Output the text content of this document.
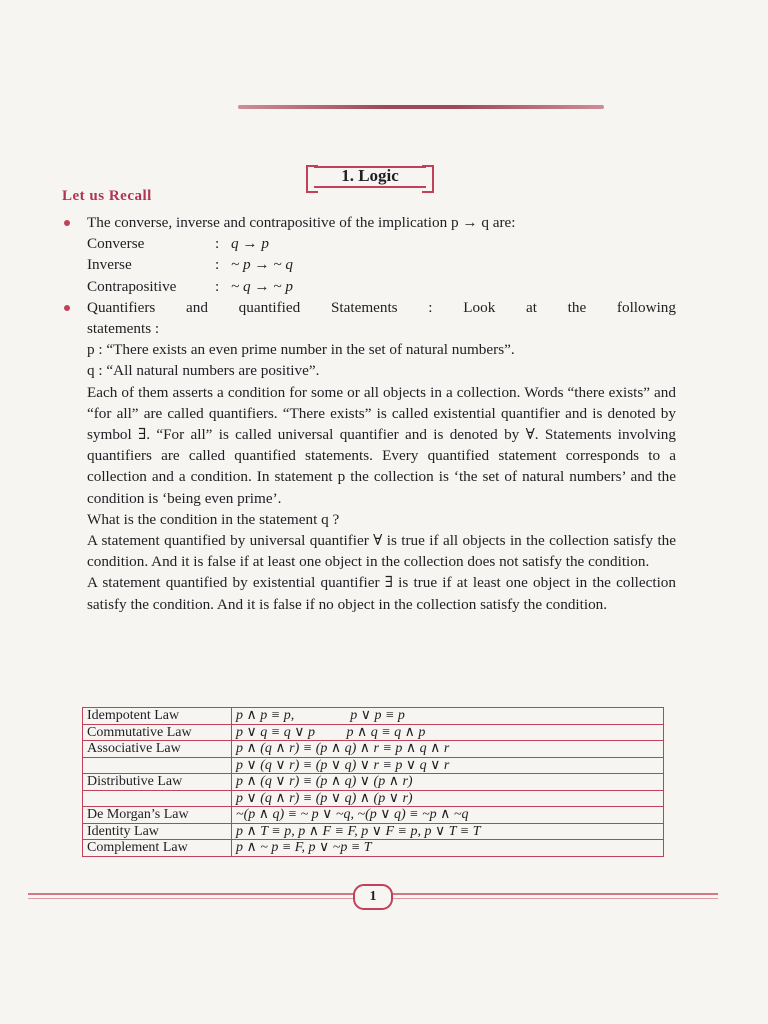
1. Logic
Let us Recall
The converse, inverse and contrapositive of the implication p → q are:
Converse	: q → p
Inverse	: ~ p → ~ q
Contrapositive	: ~ q → ~ p
Quantifiers and quantified Statements : Look at the following
statements :
p : “There exists an even prime number in the set of natural numbers”.
q : “All natural numbers are positive”.
Each of them asserts a condition for some or all objects in a collection. Words “there exists” and “for all” are called quantifiers. “There exists” is called existential quantifier and is denoted by symbol ∃. “For all” is called universal quantifier and is denoted by ∀. Statements involving quantifiers are called quantified statements. Every quantified statement corresponds to a collection and a condition. In statement p the collection is ‘the set of natural numbers’ and the condition is ‘being even prime’.
What is the condition in the statement q ?
A statement quantified by universal quantifier ∀ is true if all objects in the collection satisfy the condition. And it is false if at least one object in the collection does not satisfy the condition.
A statement quantified by existential quantifier ∃ is true if at least one object in the collection satisfy the condition. And it is false if no object in the collection satisfy the condition.
Idempotent Law	p ∧ p ≡ p,                p ∨ p ≡ p
Commutative Law	p ∨ q ≡ q ∨ p         p ∧ q ≡ q ∧ p
Associative Law	p ∧ (q ∧ r) ≡ (p ∧ q) ∧ r ≡ p ∧ q ∧ r
	p ∨ (q ∨ r) ≡ (p ∨ q) ∨ r ≡ p ∨ q ∨ r
Distributive Law	p ∧ (q ∨ r) ≡ (p ∧ q) ∨ (p ∧ r)
	p ∨ (q ∧ r) ≡ (p ∨ q) ∧ (p ∨ r)
De Morgan’s Law	~(p ∧ q) ≡ ~ p ∨ ~q, ~(p ∨ q) ≡ ~p ∧ ~q
Identity Law	p ∧ T ≡ p, p ∧ F ≡ F, p ∨ F ≡ p, p ∨ T ≡ T
Complement Law	p ∧ ~ p ≡ F, p ∨ ~p ≡ T
1
